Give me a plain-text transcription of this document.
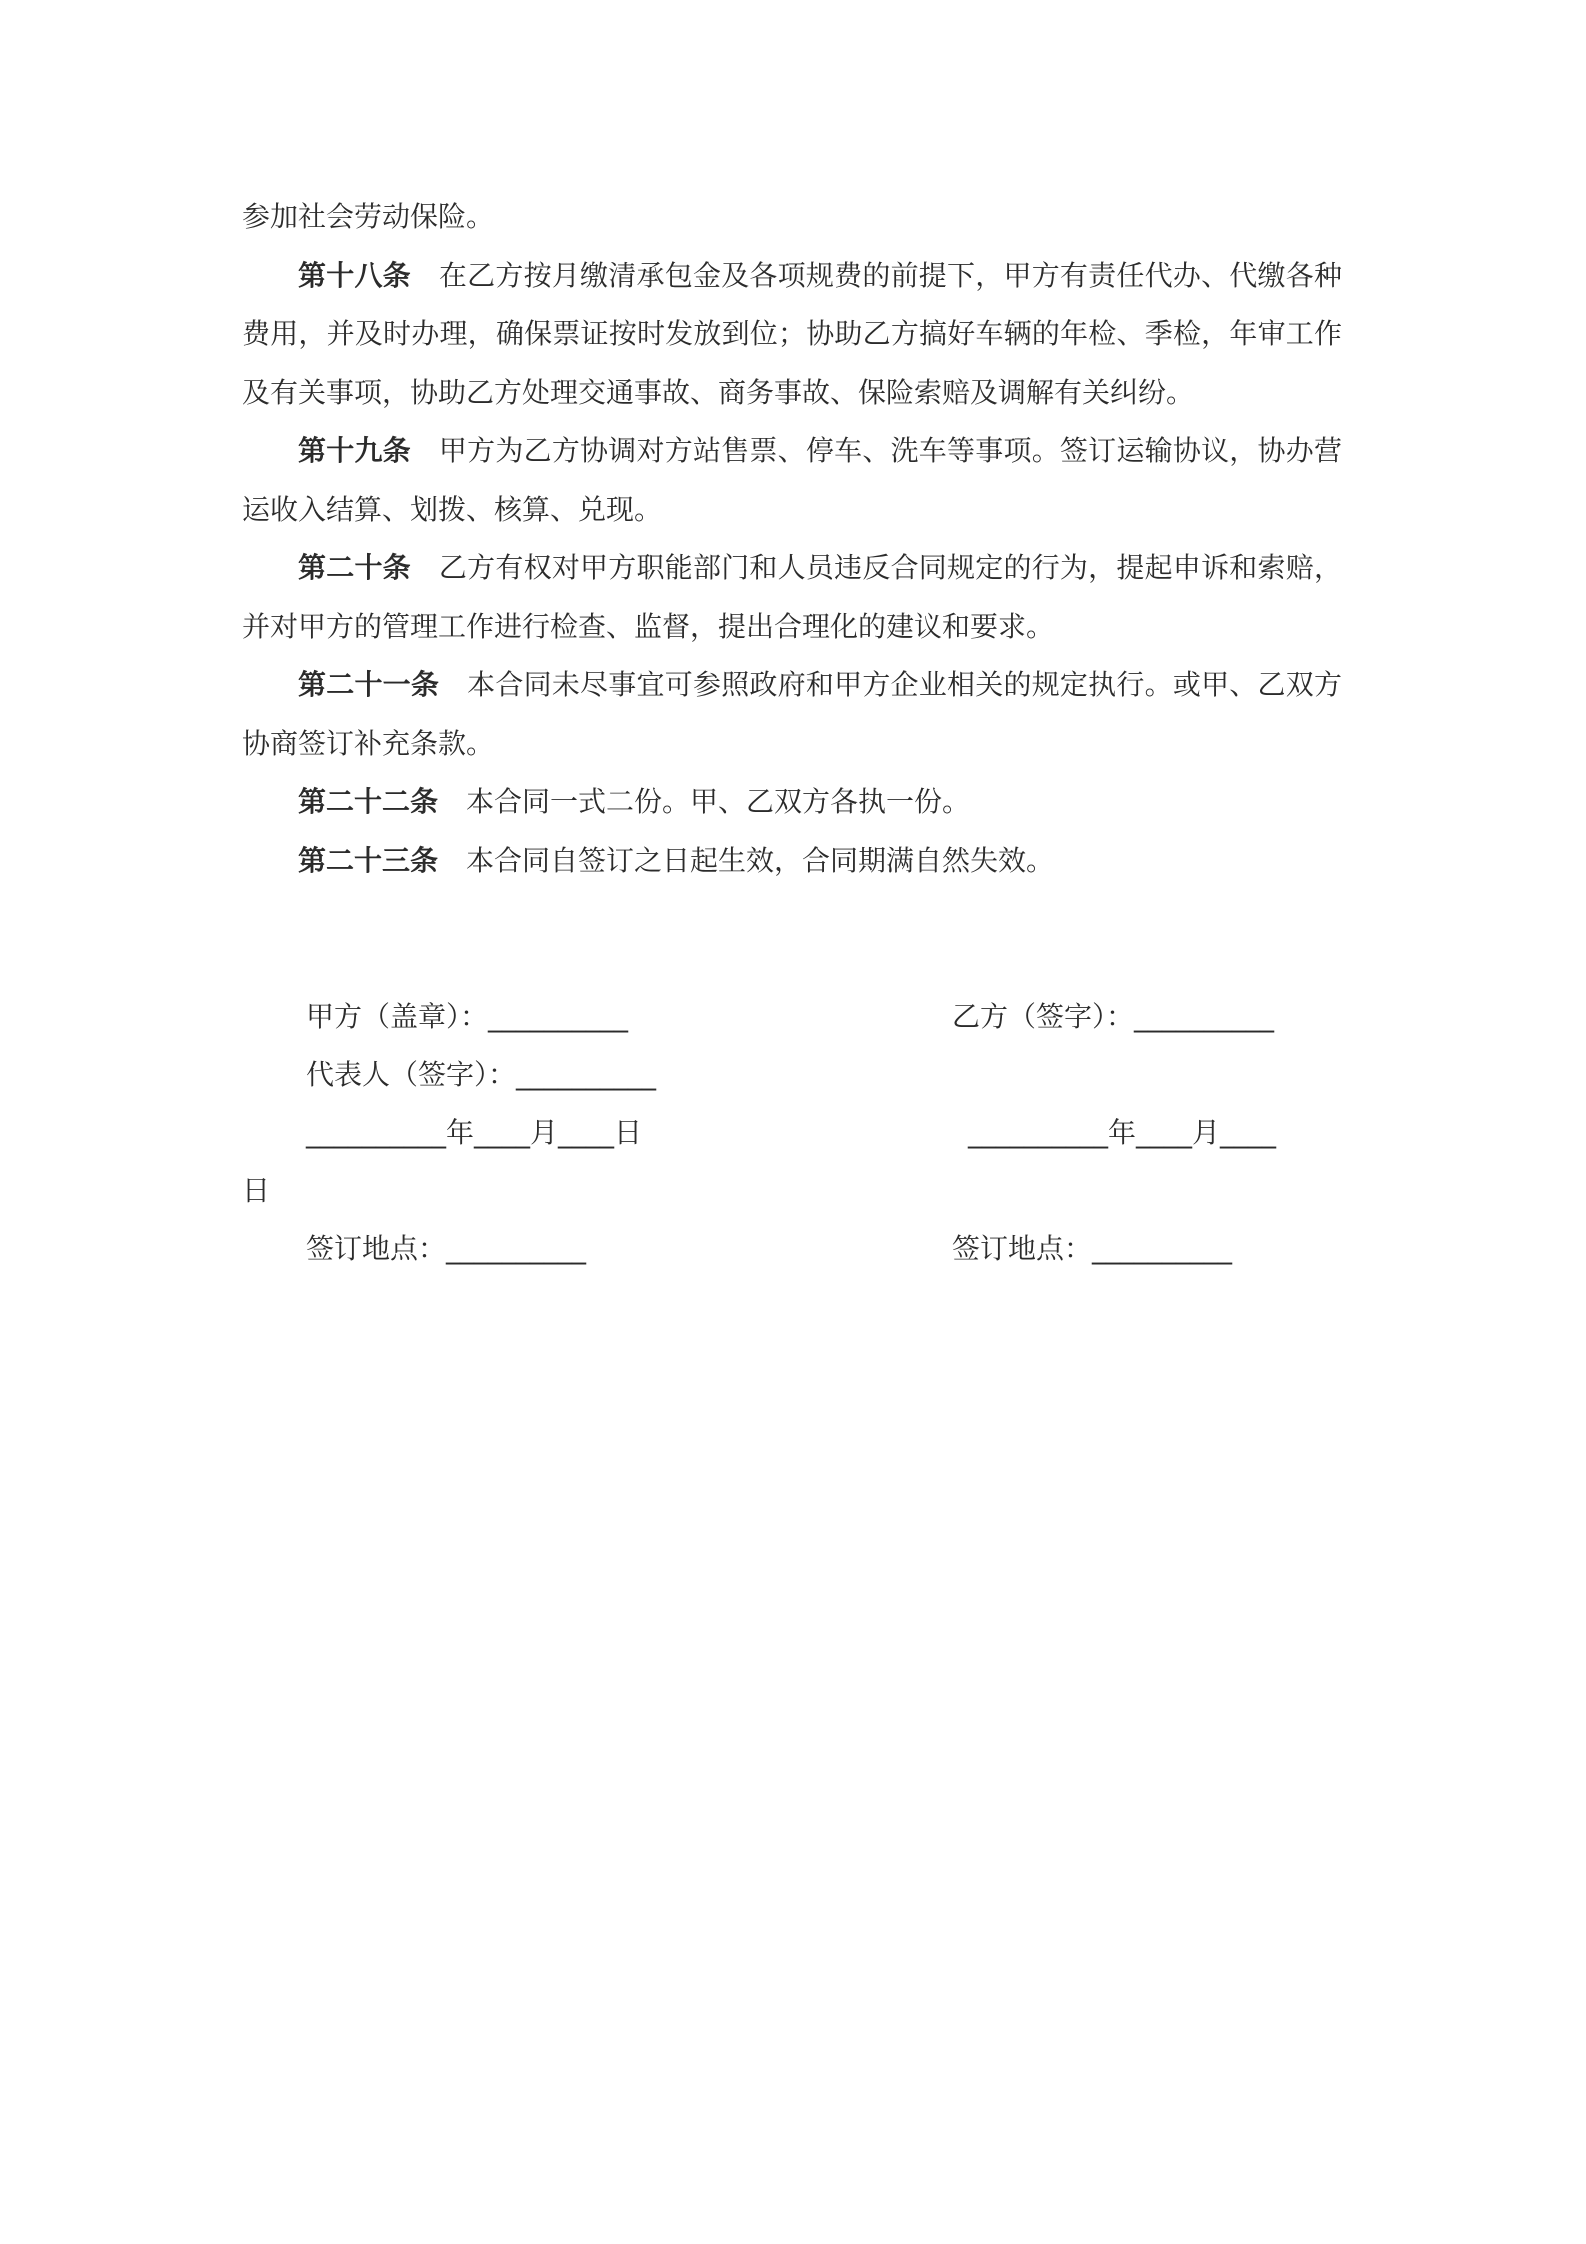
参加社会劳动保险。

第十八条 在乙方按月缴清承包金及各项规费的前提下，甲方有责任代办、代缴各种费用，并及时办理，确保票证按时发放到位；协助乙方搞好车辆的年检、季检，年审工作及有关事项，协助乙方处理交通事故、商务事故、保险索赔及调解有关纠纷。

第十九条 甲方为乙方协调对方站售票、停车、洗车等事项。签订运输协议，协办营运收入结算、划拨、核算、兑现。

第二十条 乙方有权对甲方职能部门和人员违反合同规定的行为，提起申诉和索赔，并对甲方的管理工作进行检查、监督，提出合理化的建议和要求。

第二十一条 本合同未尽事宜可参照政府和甲方企业相关的规定执行。或甲、乙双方协商签订补充条款。

第二十二条 本合同一式二份。甲、乙双方各执一份。

第二十三条 本合同自签订之日起生效，合同期满自然失效。

甲方（盖章）：__________	乙方（签字）：__________
代表人（签字）：__________
__________年____月____日	__________年____月____
日
签订地点：__________	签订地点：__________
